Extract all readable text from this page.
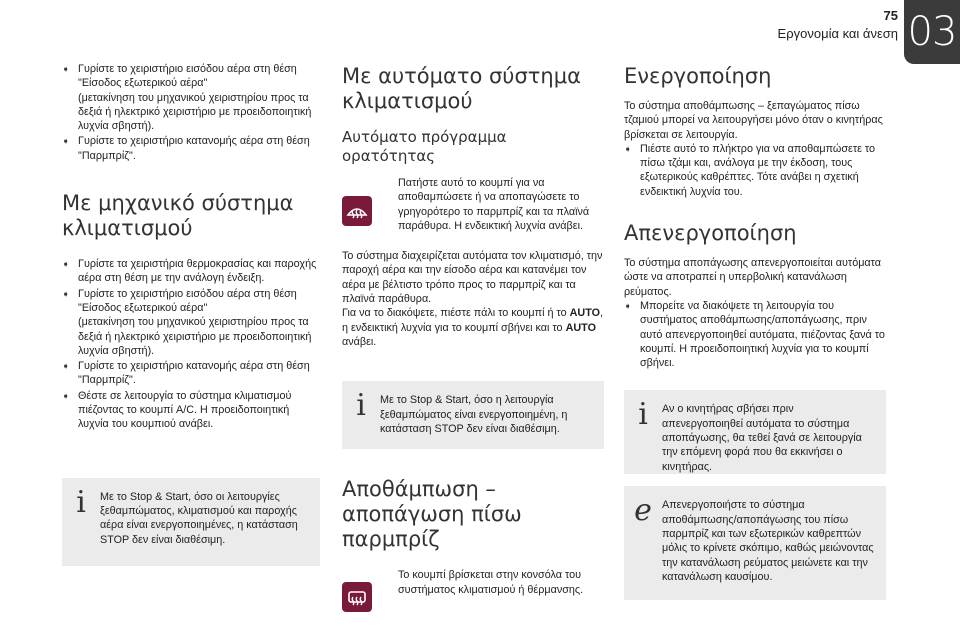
75
Εργονομία και άνεση 03
➧ Γυρίστε το χειριστήριο εισόδου αέρα στη θέση "Είσοδος εξωτερικού αέρα"
(μετακίνηση του μηχανικού χειριστηρίου προς τα δεξιά ή ηλεκτρικό χειριστήριο με προειδοποιητική λυχνία σβηστή).
➧ Γυρίστε το χειριστήριο κατανομής αέρα στη θέση "Παρμπρίζ".
Με μηχανικό σύστημα κλιματισμού
➧ Γυρίστε τα χειριστήρια θερμοκρασίας και παροχής αέρα στη θέση με την ανάλογη ένδειξη.
➧ Γυρίστε το χειριστήριο εισόδου αέρα στη θέση "Είσοδος εξωτερικού αέρα"
(μετακίνηση του μηχανικού χειριστηρίου προς τα δεξιά ή ηλεκτρικό χειριστήριο με προειδοποιητική λυχνία σβηστή).
➧ Γυρίστε το χειριστήριο κατανομής αέρα στη θέση "Παρμπρίζ".
➧ Θέστε σε λειτουργία το σύστημα κλιματισμού πιέζοντας το κουμπί A/C. Η προειδοποιητική λυχνία του κουμπιού ανάβει.
i	Με το Stop & Start, όσο οι λειτουργίες ξεθαμπώματος, κλιματισμού και παροχής αέρα είναι ενεργοποιημένες, η κατάσταση STOP δεν είναι διαθέσιμη.
Με αυτόματο σύστημα κλιματισμού
Αυτόματο πρόγραμμα ορατότητας

Πατήστε αυτό το κουμπί για να αποθαμπώσετε ή να αποπαγώσετε το γρηγορότερο το παρμπρίζ και τα πλαϊνά παράθυρα. Η ενδεικτική λυχνία ανάβει.

Το σύστημα διαχειρίζεται αυτόματα τον κλιματισμό, την παροχή αέρα και την είσοδο αέρα και κατανέμει τον αέρα με βέλτιστο τρόπο προς το παρμπρίζ και τα πλαϊνά παράθυρα.

Για να το διακόψετε, πιέστε πάλι το κουμπί ή το AUTO, η ενδεικτική λυχνία για το κουμπί σβήνει και το AUTO ανάβει.

i	Με το Stop & Start, όσο η λειτουργία ξεθαμπώματος είναι ενεργοποιημένη, η κατάσταση STOP δεν είναι διαθέσιμη.
Αποθάμπωση – αποπάγωση πίσω παρμπρίζ

Το κουμπί βρίσκεται στην κονσόλα του συστήματος κλιματισμού ή θέρμανσης.

Ενεργοποίηση

Το σύστημα αποθάμπωσης – ξεπαγώματος πίσω τζαμιού μπορεί να λειτουργήσει μόνο όταν ο κινητήρας βρίσκεται σε λειτουργία.

➧ Πιέστε αυτό το πλήκτρο για να αποθαμπώσετε το πίσω τζάμι και, ανάλογα με την έκδοση, τους εξωτερικούς καθρέπτες. Τότε ανάβει η σχετική ενδεικτική λυχνία του.
Απενεργοποίηση

Το σύστημα αποπάγωσης απενεργοποιείται αυτόματα ώστε να αποτραπεί η υπερβολική κατανάλωση ρεύματος.

➧ Μπορείτε να διακόψετε τη λειτουργία του συστήματος αποθάμπωσης/αποπάγωσης, πριν αυτό απενεργοποιηθεί αυτόματα, πιέζοντας ξανά το κουμπί. Η προειδοποιητική λυχνία για το κουμπί σβήνει.
i	Αν ο κινητήρας σβήσει πριν απενεργοποιηθεί αυτόματα το σύστημα αποπάγωσης, θα τεθεί ξανά σε λειτουργία την επόμενη φορά που θα εκκινήσει ο κινητήρας.
e Απενεργοποιήστε το σύστημα αποθάμπωσης/αποπάγωσης του πίσω παρμπρίζ και των εξωτερικών καθρεπτών μόλις το κρίνετε σκόπιμο, καθώς μειώνοντας την κατανάλωση ρεύματος μειώνετε και την κατανάλωση καυσίμου.
